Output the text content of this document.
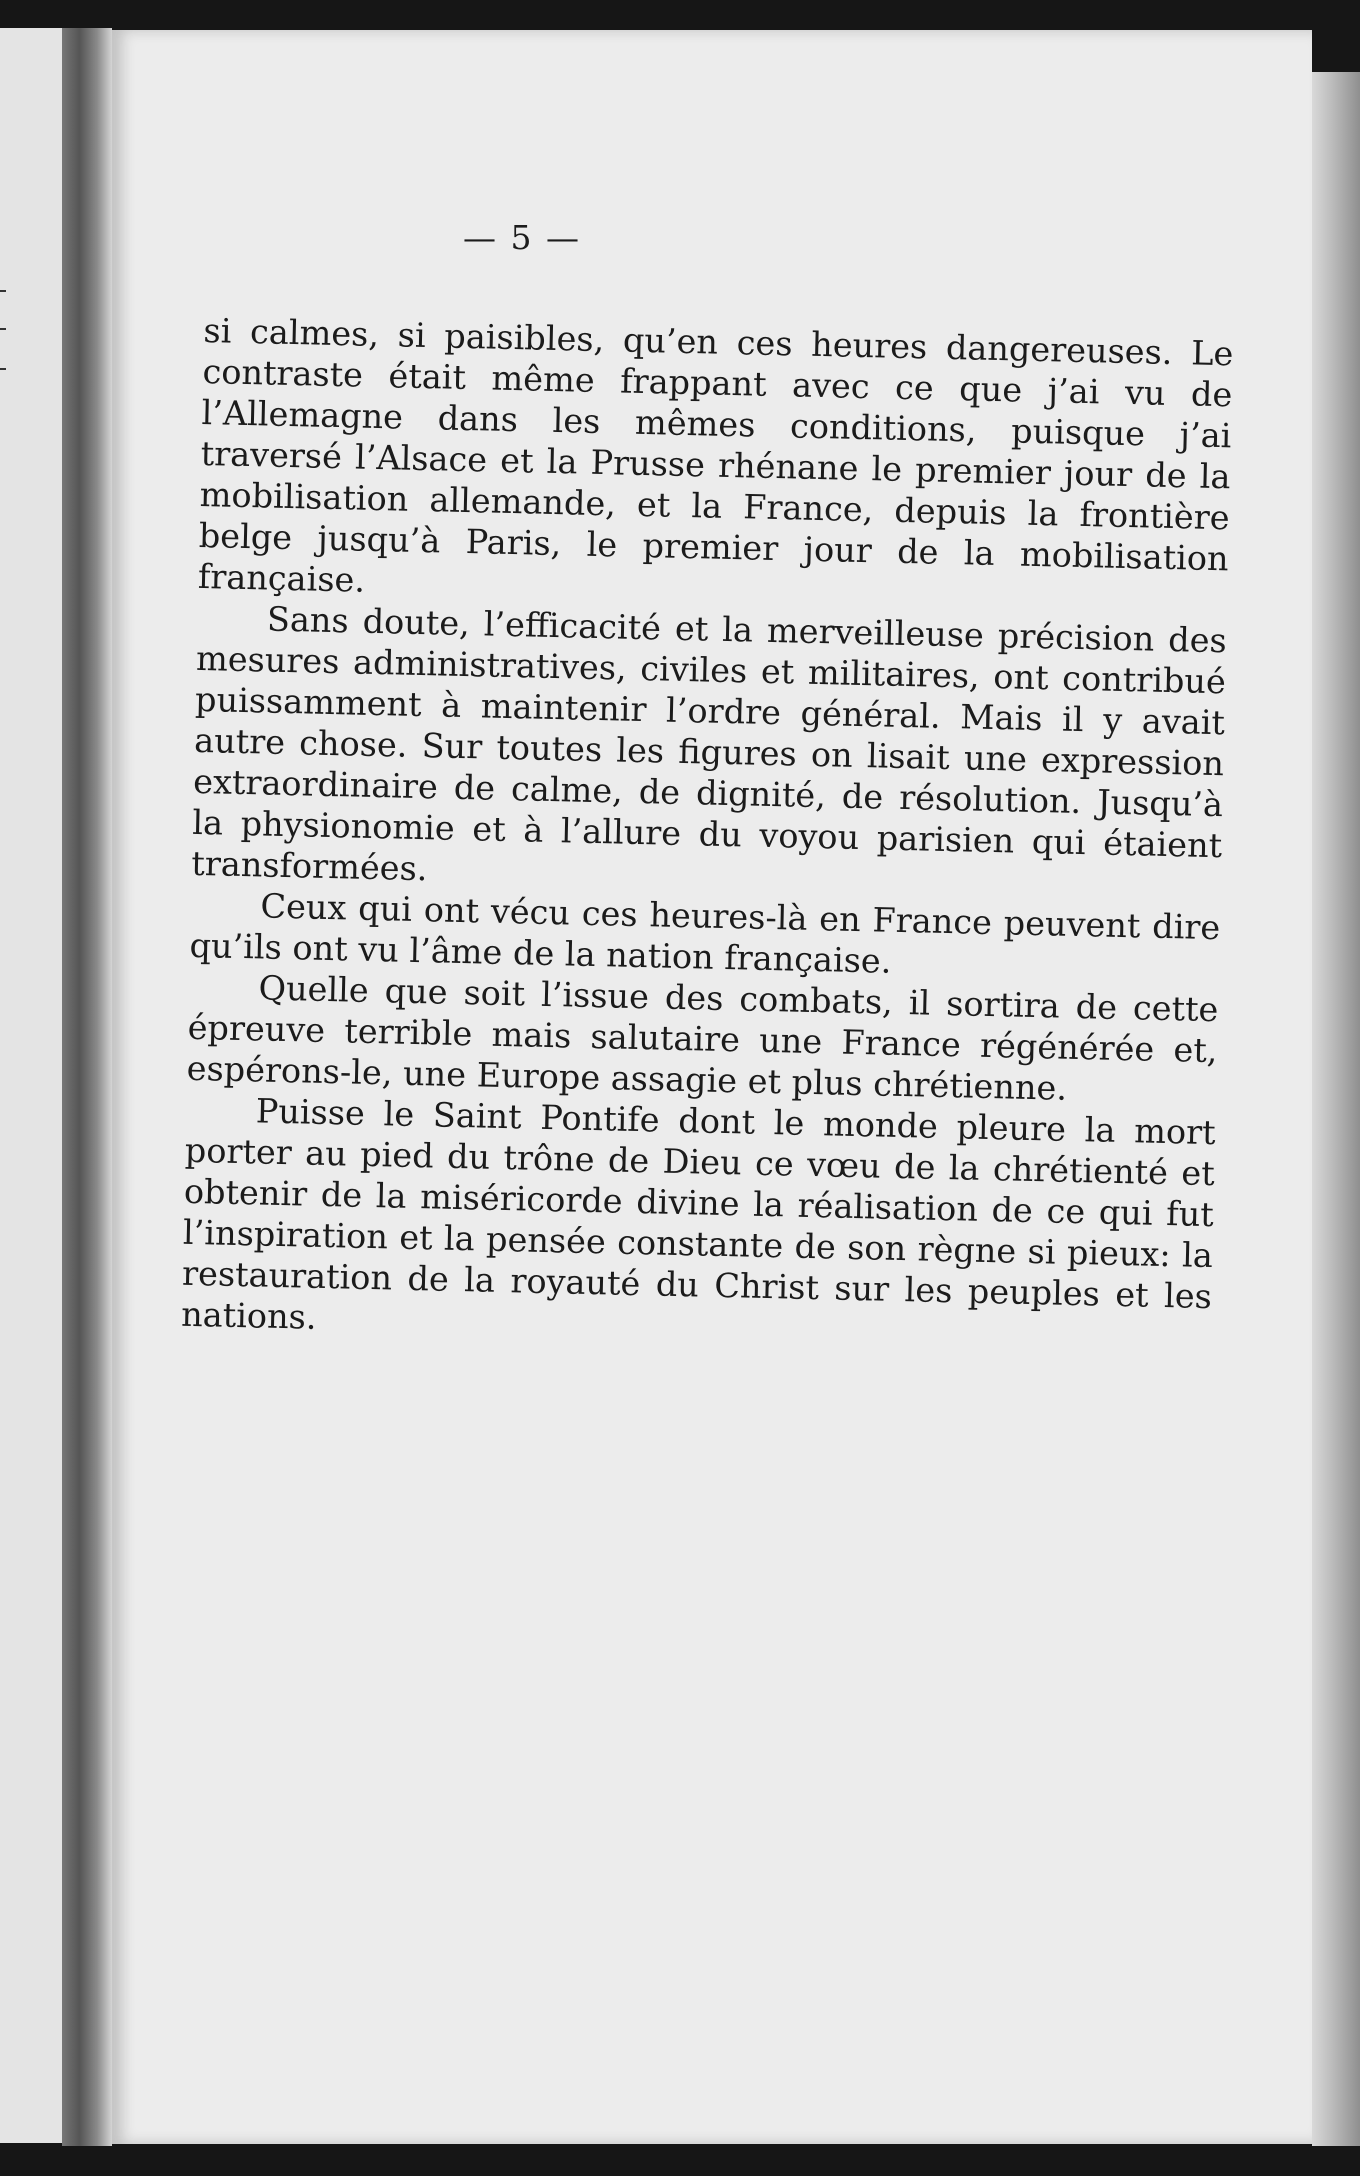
— 5 —

si calmes, si paisibles, qu’en ces heures dangereuses. Le contraste était même frappant avec ce que j’ai vu de l’Allemagne dans les mêmes conditions, puisque j’ai traversé l’Alsace et la Prusse rhénane le premier jour de la mobilisation allemande, et la France, depuis la frontière belge jusqu’à Paris, le premier jour de la mobilisation française.

Sans doute, l’efficacité et la merveilleuse précision des mesures administratives, civiles et militaires, ont contribué puissamment à maintenir l’ordre général. Mais il y avait autre chose. Sur toutes les figures on lisait une expression extraordinaire de calme, de dignité, de résolution. Jusqu’à la physionomie et à l’allure du voyou parisien qui étaient transformées.

Ceux qui ont vécu ces heures-là en France peuvent dire qu’ils ont vu l’âme de la nation française.

Quelle que soit l’issue des combats, il sortira de cette épreuve terrible mais salutaire une France régénérée et, espérons-le, une Europe assagie et plus chrétienne.

Puisse le Saint Pontife dont le monde pleure la mort porter au pied du trône de Dieu ce vœu de la chrétienté et obtenir de la miséricorde divine la réalisation de ce qui fut l’inspiration et la pensée constante de son règne si pieux: la restauration de la royauté du Christ sur les peuples et les nations.
